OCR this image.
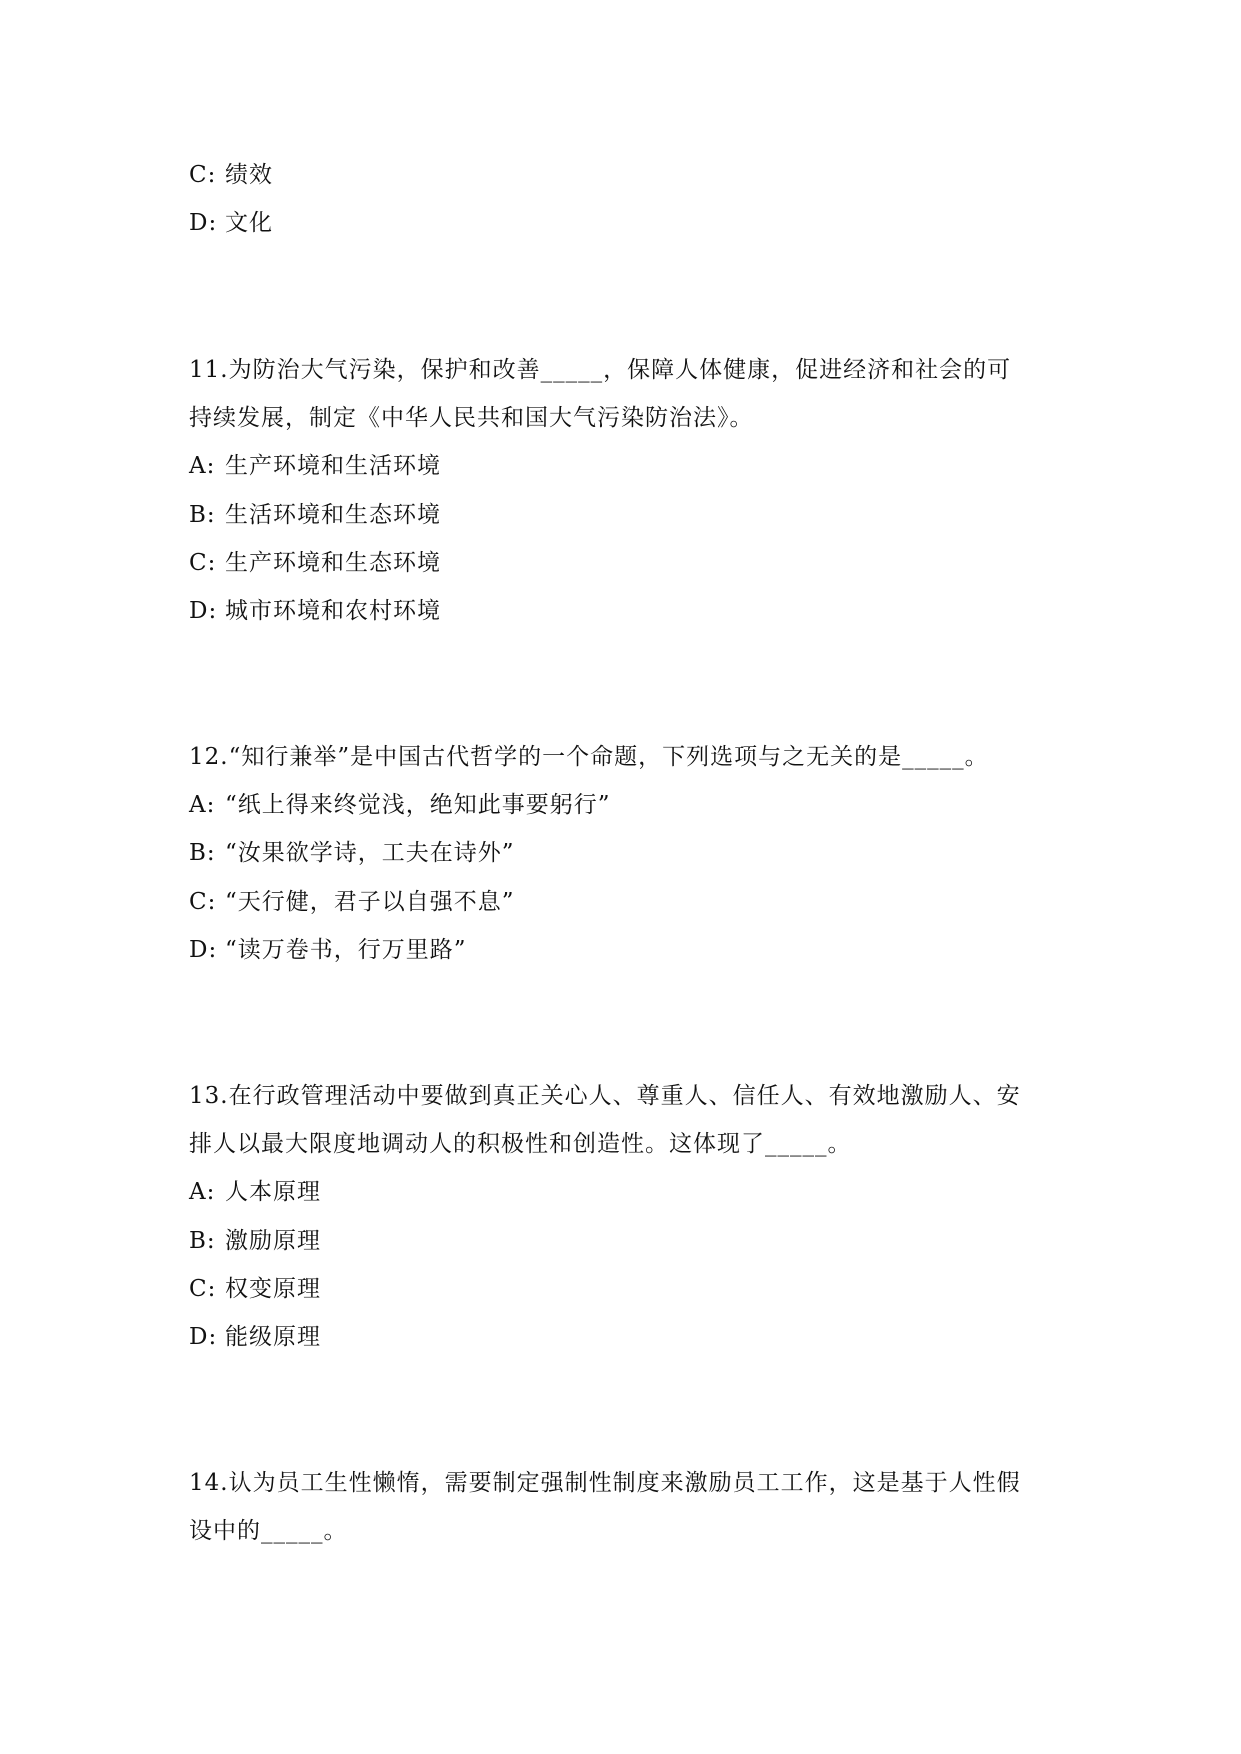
C: 绩效
D: 文化
11.为防治大气污染，保护和改善_____，保障人体健康，促进经济和社会的可
持续发展，制定《中华人民共和国大气污染防治法》。
A: 生产环境和生活环境
B: 生活环境和生态环境
C: 生产环境和生态环境
D: 城市环境和农村环境
12.“知行兼举”是中国古代哲学的一个命题，下列选项与之无关的是_____。
A: “纸上得来终觉浅，绝知此事要躬行”
B: “汝果欲学诗，工夫在诗外”
C: “天行健，君子以自强不息”
D: “读万卷书，行万里路”
13.在行政管理活动中要做到真正关心人、尊重人、信任人、有效地激励人、安
排人以最大限度地调动人的积极性和创造性。这体现了_____。
A: 人本原理
B: 激励原理
C: 权变原理
D: 能级原理
14.认为员工生性懒惰，需要制定强制性制度来激励员工工作，这是基于人性假
设中的_____。
